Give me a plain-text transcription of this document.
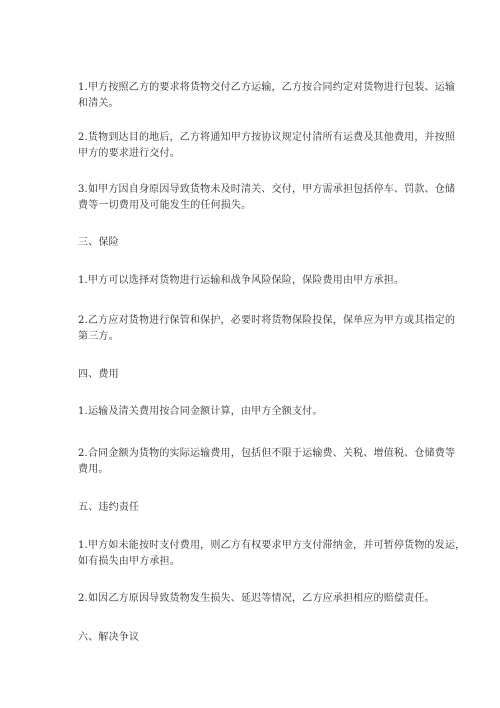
1.甲方按照乙方的要求将货物交付乙方运输，乙方按合同约定对货物进行包装、运输
和清关。
2.货物到达目的地后，乙方将通知甲方按协议规定付清所有运费及其他费用，并按照
甲方的要求进行交付。
3.如甲方因自身原因导致货物未及时清关、交付，甲方需承担包括停车、罚款、仓储
费等一切费用及可能发生的任何损失。
三、保险
1.甲方可以选择对货物进行运输和战争风险保险，保险费用由甲方承担。
2.乙方应对货物进行保管和保护，必要时将货物保险投保，保单应为甲方或其指定的
第三方。
四、费用
1.运输及清关费用按合同金额计算，由甲方全额支付。
2.合同金额为货物的实际运输费用，包括但不限于运输费、关税、增值税、仓储费等
费用。
五、违约责任
1.甲方如未能按时支付费用，则乙方有权要求甲方支付滞纳金，并可暂停货物的发运，
如有损失由甲方承担。
2.如因乙方原因导致货物发生损失、延迟等情况，乙方应承担相应的赔偿责任。
六、解决争议
